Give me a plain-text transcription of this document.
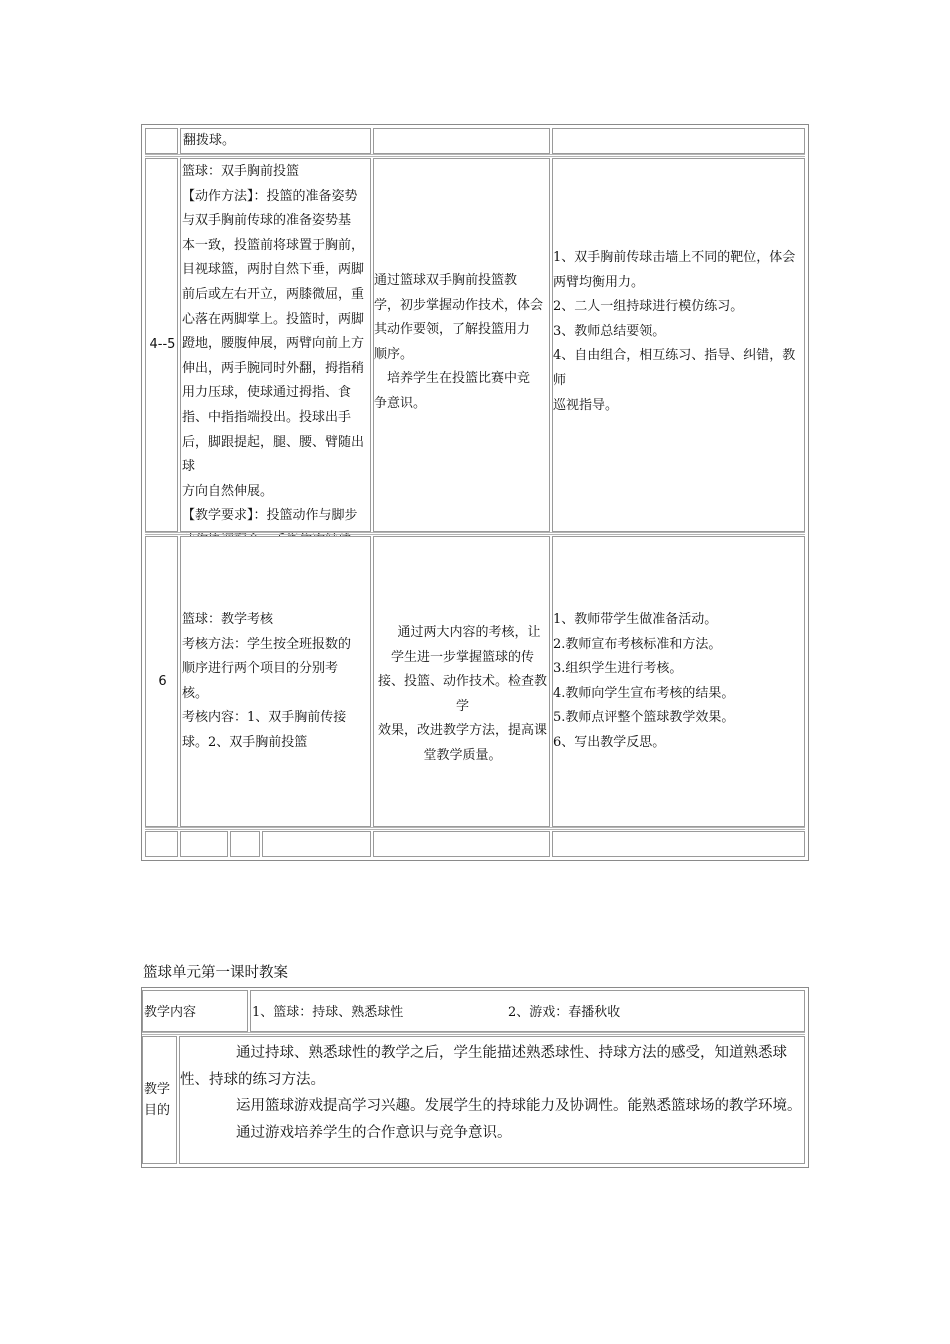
翻拨球。
4--5
篮球：双手胸前投篮
【动作方法】：投篮的准备姿势
与双手胸前传球的准备姿势基
本一致，投篮前将球置于胸前，
目视球篮，两肘自然下垂，两脚
前后或左右开立，两膝微屈，重
心落在两脚掌上。投篮时，两脚
蹬地，腰腹伸展，两臂向前上方
伸出，两手腕同时外翻，拇指稍
用力压球，使球通过拇指、食
指、中指指端投出。投球出手
后，脚跟提起，腿、腰、臂随出球
方向自然伸展。
【教学要求】：投篮动作与脚步
通过篮球双手胸前投篮教
学，初步掌握动作技术，体会
其动作要领，了解投篮用力
顺序。
　培养学生在投篮比赛中竞
争意识。
1、双手胸前传球击墙上不同的靶位，体会
两臂均衡用力。
2、二人一组持球进行模仿练习。
3、教师总结要领。
4、自由组合，相互练习、指导、纠错，教师
巡视指导。
6
篮球：教学考核
考核方法：学生按全班报数的
顺序进行两个项目的分别考
核。
考核内容：1、双手胸前传接
球。2、双手胸前投篮
　通过两大内容的考核，让
学生进一步掌握篮球的传
接、投篮、动作技术。检查教学
效果，改进教学方法，提高课
堂教学质量。
1、教师带学生做准备活动。
2.教师宣布考核标准和方法。
3.组织学生进行考核。
4.教师向学生宣布考核的结果。
5.教师点评整个篮球教学效果。
6、写出教学反思。
篮球单元第一课时教案
教学内容	1、篮球：持球、熟悉球性	2、游戏：春播秋收
教学
目的

通过持球、熟悉球性的教学之后，学生能描述熟悉球性、持球方法的感受，知道熟悉球性、持球的练习方法。

运用篮球游戏提高学习兴趣。发展学生的持球能力及协调性。能熟悉篮球场的教学环境。

通过游戏培养学生的合作意识与竞争意识。
